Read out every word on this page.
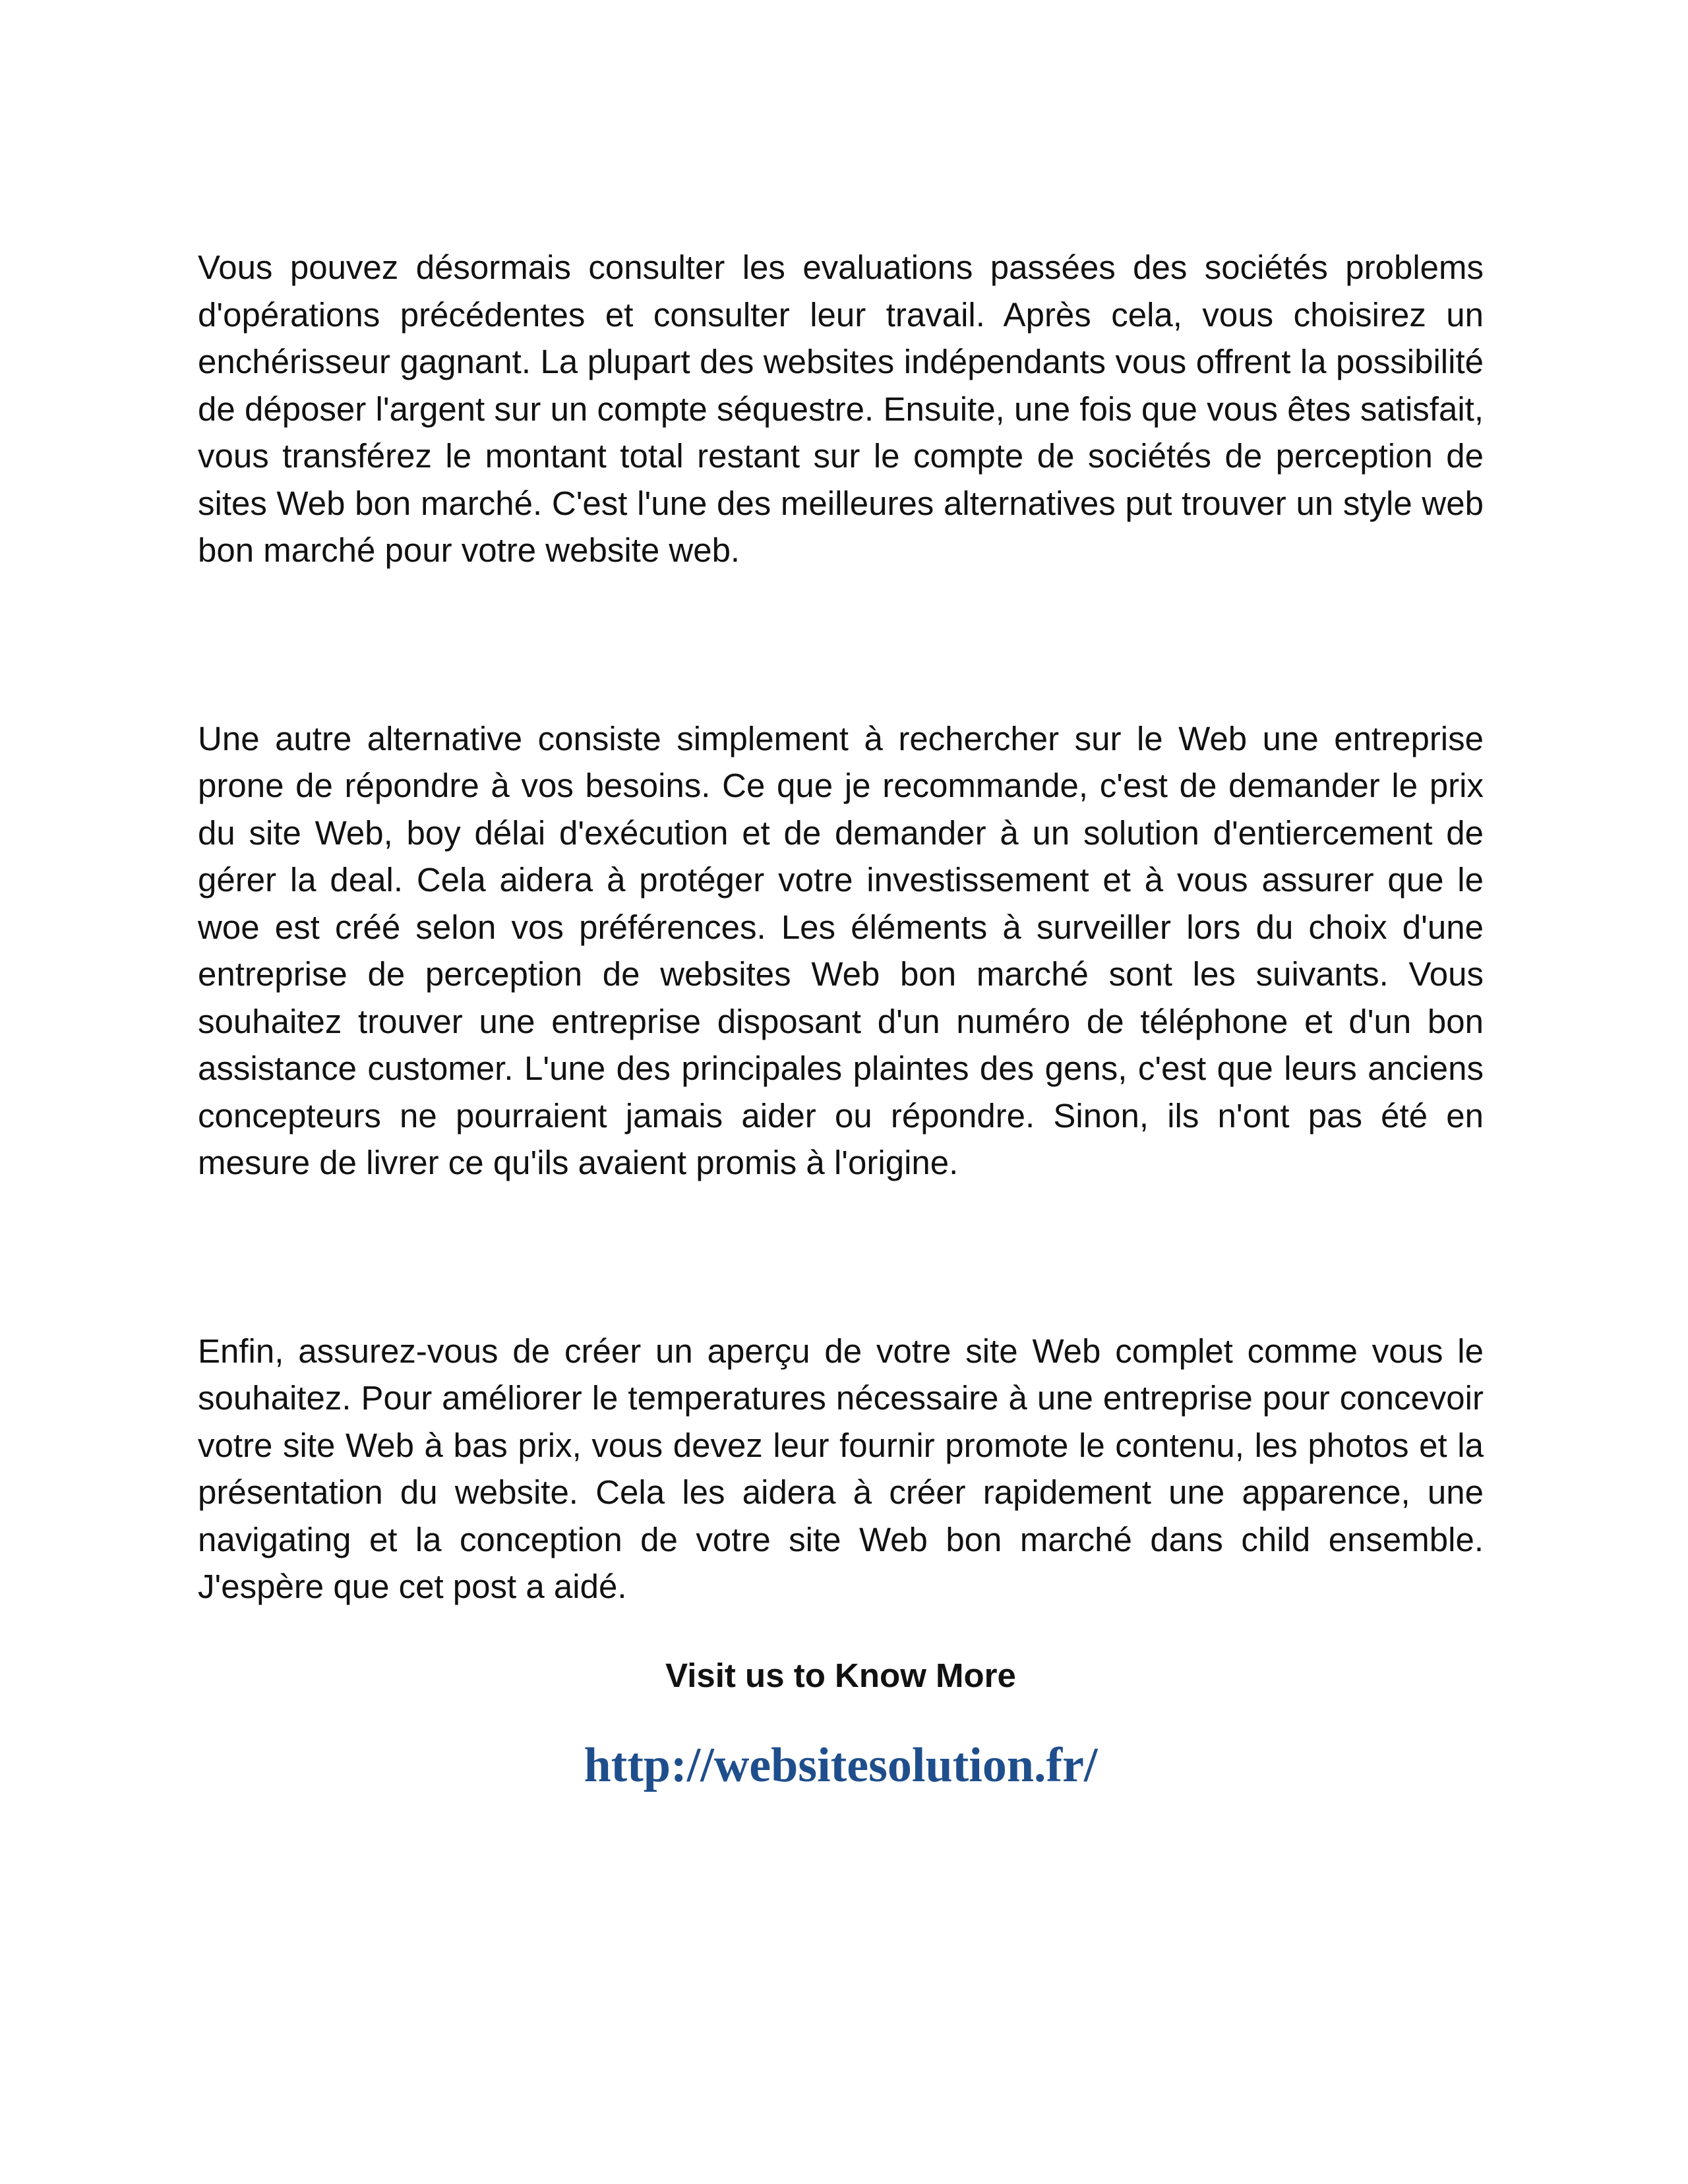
Vous pouvez désormais consulter les evaluations passées des sociétés problems d'opérations précédentes et consulter leur travail. Après cela, vous choisirez un enchérisseur gagnant. La plupart des websites indépendants vous offrent la possibilité de déposer l'argent sur un compte séquestre. Ensuite, une fois que vous êtes satisfait, vous transférez le montant total restant sur le compte de sociétés de perception de sites Web bon marché. C'est l'une des meilleures alternatives put trouver un style web bon marché pour votre website web.

Une autre alternative consiste simplement à rechercher sur le Web une entreprise prone de répondre à vos besoins. Ce que je recommande, c'est de demander le prix du site Web, boy délai d'exécution et de demander à un solution d'entiercement de gérer la deal. Cela aidera à protéger votre investissement et à vous assurer que le woe est créé selon vos préférences. Les éléments à surveiller lors du choix d'une entreprise de perception de websites Web bon marché sont les suivants. Vous souhaitez trouver une entreprise disposant d'un numéro de téléphone et d'un bon assistance customer. L'une des principales plaintes des gens, c'est que leurs anciens concepteurs ne pourraient jamais aider ou répondre. Sinon, ils n'ont pas été en mesure de livrer ce qu'ils avaient promis à l'origine.

Enfin, assurez-vous de créer un aperçu de votre site Web complet comme vous le souhaitez. Pour améliorer le temperatures nécessaire à une entreprise pour concevoir votre site Web à bas prix, vous devez leur fournir promote le contenu, les photos et la présentation du website. Cela les aidera à créer rapidement une apparence, une navigating et la conception de votre site Web bon marché dans child ensemble. J'espère que cet post a aidé.

Visit us to Know More
http://websitesolution.fr/
